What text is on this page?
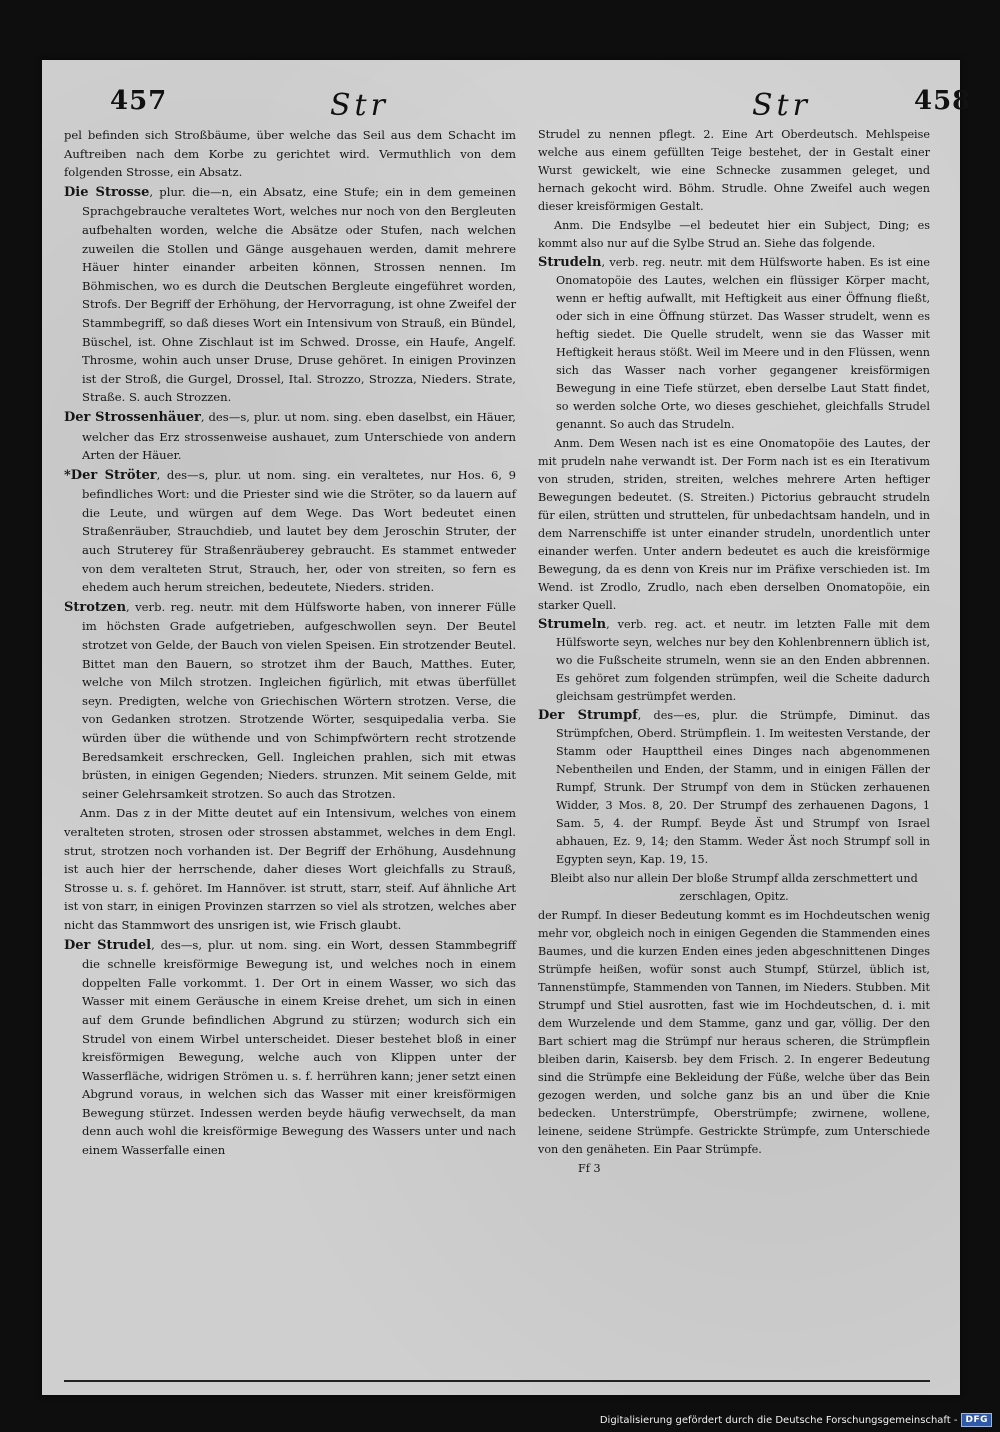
457	Str	Str	458

pel befinden sich Stroßbäume, über welche das Seil aus dem Schacht im Auftreiben nach dem Korbe zu gerichtet wird. Vermuthlich von dem folgenden Strosse, ein Absatz.

Die Strosse, plur. die—n, ein Absatz, eine Stufe; ein in dem gemeinen Sprachgebrauche veraltetes Wort, welches nur noch von den Bergleuten aufbehalten worden, welche die Absätze oder Stufen, nach welchen zuweilen die Stollen und Gänge ausgehauen werden, damit mehrere Häuer hinter einander arbeiten können, Strossen nennen. Im Böhmischen, wo es durch die Deutschen Bergleute eingeführet worden, Strofs. Der Begriff der Erhöhung, der Hervorragung, ist ohne Zweifel der Stammbegriff, so daß dieses Wort ein Intensivum von Strauß, ein Bündel, Büschel, ist. Ohne Zischlaut ist im Schwed. Drosse, ein Haufe, Angelf. Throsme, wohin auch unser Druse, Druse gehöret. In einigen Provinzen ist der Stroß, die Gurgel, Drossel, Ital. Strozzo, Strozza, Nieders. Strate, Straße. S. auch Strozzen.

Der Strossenhäuer, des—s, plur. ut nom. sing. eben daselbst, ein Häuer, welcher das Erz strossenweise aushauet, zum Unterschiede von andern Arten der Häuer.

*Der Ströter, des—s, plur. ut nom. sing. ein veraltetes, nur Hos. 6, 9 befindliches Wort: und die Priester sind wie die Ströter, so da lauern auf die Leute, und würgen auf dem Wege. Das Wort bedeutet einen Straßenräuber, Strauchdieb, und lautet bey dem Jeroschin Struter, der auch Struterey für Straßenräuberey gebraucht. Es stammet entweder von dem veralteten Strut, Strauch, her, oder von streiten, so fern es ehedem auch herum streichen, bedeutete, Nieders. striden.

Strotzen, verb. reg. neutr. mit dem Hülfsworte haben, von innerer Fülle im höchsten Grade aufgetrieben, aufgeschwollen seyn. Der Beutel strotzet von Gelde, der Bauch von vielen Speisen. Ein strotzender Beutel. Bittet man den Bauern, so strotzet ihm der Bauch, Matthes. Euter, welche von Milch strotzen. Ingleichen figürlich, mit etwas überfüllet seyn. Predigten, welche von Griechischen Wörtern strotzen. Verse, die von Gedanken strotzen. Strotzende Wörter, sesquipedalia verba. Sie würden über die wüthende und von Schimpfwörtern recht strotzende Beredsamkeit erschrecken, Gell. Ingleichen prahlen, sich mit etwas brüsten, in einigen Gegenden; Nieders. strunzen. Mit seinem Gelde, mit seiner Gelehrsamkeit strotzen. So auch das Strotzen.

Anm. Das z in der Mitte deutet auf ein Intensivum, welches von einem veralteten stroten, strosen oder strossen abstammet, welches in dem Engl. strut, strotzen noch vorhanden ist. Der Begriff der Erhöhung, Ausdehnung ist auch hier der herrschende, daher dieses Wort gleichfalls zu Strauß, Strosse u. s. f. gehöret. Im Hannöver. ist strutt, starr, steif. Auf ähnliche Art ist von starr, in einigen Provinzen starrzen so viel als strotzen, welches aber nicht das Stammwort des unsrigen ist, wie Frisch glaubt.

Der Strudel, des—s, plur. ut nom. sing. ein Wort, dessen Stammbegriff die schnelle kreisförmige Bewegung ist, und welches noch in einem doppelten Falle vorkommt. 1. Der Ort in einem Wasser, wo sich das Wasser mit einem Geräusche in einem Kreise drehet, um sich in einen auf dem Grunde befindlichen Abgrund zu stürzen; wodurch sich ein Strudel von einem Wirbel unterscheidet. Dieser bestehet bloß in einer kreisförmigen Bewegung, welche auch von Klippen unter der Wasserfläche, widrigen Strömen u. s. f. herrühren kann; jener setzt einen Abgrund voraus, in welchen sich das Wasser mit einer kreisförmigen Bewegung stürzet. Indessen werden beyde häufig verwechselt, da man denn auch wohl die kreisförmige Bewegung des Wassers unter und nach einem Wasserfalle einen

Strudel zu nennen pflegt. 2. Eine Art Oberdeutsch. Mehlspeise welche aus einem gefüllten Teige bestehet, der in Gestalt einer Wurst gewickelt, wie eine Schnecke zusammen geleget, und hernach gekocht wird. Böhm. Strudle. Ohne Zweifel auch wegen dieser kreisförmigen Gestalt.

Anm. Die Endsylbe —el bedeutet hier ein Subject, Ding; es kommt also nur auf die Sylbe Strud an. Siehe das folgende.

Strudeln, verb. reg. neutr. mit dem Hülfsworte haben. Es ist eine Onomatopöie des Lautes, welchen ein flüssiger Körper macht, wenn er heftig aufwallt, mit Heftigkeit aus einer Öffnung fließt, oder sich in eine Öffnung stürzet. Das Wasser strudelt, wenn es heftig siedet. Die Quelle strudelt, wenn sie das Wasser mit Heftigkeit heraus stößt. Weil im Meere und in den Flüssen, wenn sich das Wasser nach vorher gegangener kreisförmigen Bewegung in eine Tiefe stürzet, eben derselbe Laut Statt findet, so werden solche Orte, wo dieses geschiehet, gleichfalls Strudel genannt. So auch das Strudeln.

Anm. Dem Wesen nach ist es eine Onomatopöie des Lautes, der mit prudeln nahe verwandt ist. Der Form nach ist es ein Iterativum von struden, striden, streiten, welches mehrere Arten heftiger Bewegungen bedeutet. (S. Streiten.) Pictorius gebraucht strudeln für eilen, strütten und struttelen, für unbedachtsam handeln, und in dem Narrenschiffe ist unter einander strudeln, unordentlich unter einander werfen. Unter andern bedeutet es auch die kreisförmige Bewegung, da es denn von Kreis nur im Präfixe verschieden ist. Im Wend. ist Zrodlo, Zrudlo, nach eben derselben Onomatopöie, ein starker Quell.

Strumeln, verb. reg. act. et neutr. im letzten Falle mit dem Hülfsworte seyn, welches nur bey den Kohlenbrennern üblich ist, wo die Fußscheite strumeln, wenn sie an den Enden abbrennen. Es gehöret zum folgenden strümpfen, weil die Scheite dadurch gleichsam gestrümpfet werden.

Der Strumpf, des—es, plur. die Strümpfe, Diminut. das Strümpfchen, Oberd. Strümpflein. 1. Im weitesten Verstande, der Stamm oder Haupttheil eines Dinges nach abgenommenen Nebentheilen und Enden, der Stamm, und in einigen Fällen der Rumpf, Strunk. Der Strumpf von dem in Stücken zerhauenen Widder, 3 Mos. 8, 20. Der Strumpf des zerhauenen Dagons, 1 Sam. 5, 4. der Rumpf. Beyde Äst und Strumpf von Israel abhauen, Ez. 9, 14; den Stamm. Weder Äst noch Strumpf soll in Egypten seyn, Kap. 19, 15.

Bleibt also nur allein Der bloße Strumpf allda zerschmettert und zerschlagen, Opitz.

der Rumpf. In dieser Bedeutung kommt es im Hochdeutschen wenig mehr vor, obgleich noch in einigen Gegenden die Stammenden eines Baumes, und die kurzen Enden eines jeden abgeschnittenen Dinges Strümpfe heißen, wofür sonst auch Stumpf, Stürzel, üblich ist, Tannenstümpfe, Stammenden von Tannen, im Nieders. Stubben. Mit Strumpf und Stiel ausrotten, fast wie im Hochdeutschen, d. i. mit dem Wurzelende und dem Stamme, ganz und gar, völlig. Der den Bart schiert mag die Strümpf nur heraus scheren, die Strümpflein bleiben darin, Kaisersb. bey dem Frisch. 2. In engerer Bedeutung sind die Strümpfe eine Bekleidung der Füße, welche über das Bein gezogen werden, und solche ganz bis an und über die Knie bedecken. Unterstrümpfe, Oberstrümpfe; zwirnene, wollene, leinene, seidene Strümpfe. Gestrickte Strümpfe, zum Unterschiede von den genäheten. Ein Paar Strümpfe.

Ff 3

Digitalisierung gefördert durch die Deutsche Forschungsgemeinschaft - DFG
